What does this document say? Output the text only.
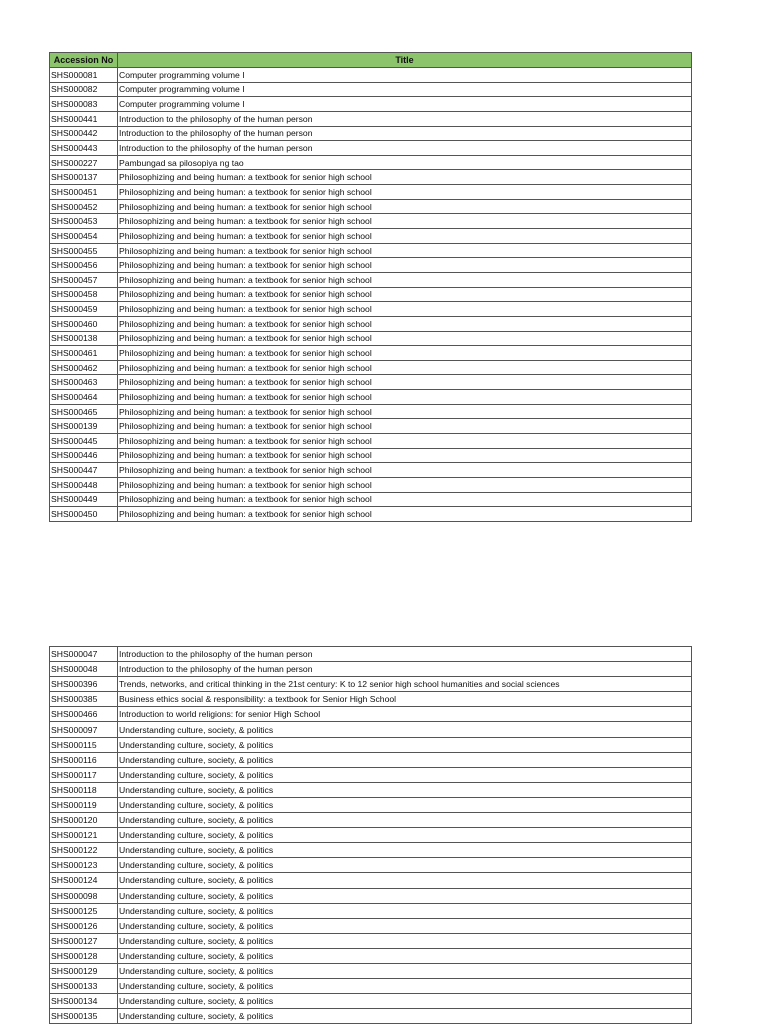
Accession No	Title
SHS000081	Computer programming volume I
SHS000082	Computer programming volume I
SHS000083	Computer programming volume I
SHS000441	Introduction to the philosophy of the human person
SHS000442	Introduction to the philosophy of the human person
SHS000443	Introduction to the philosophy of the human person
SHS000227	Pambungad sa pilosopiya ng tao
SHS000137	Philosophizing and being human: a textbook for senior high school
SHS000451	Philosophizing and being human: a textbook for senior high school
SHS000452	Philosophizing and being human: a textbook for senior high school
SHS000453	Philosophizing and being human: a textbook for senior high school
SHS000454	Philosophizing and being human: a textbook for senior high school
SHS000455	Philosophizing and being human: a textbook for senior high school
SHS000456	Philosophizing and being human: a textbook for senior high school
SHS000457	Philosophizing and being human: a textbook for senior high school
SHS000458	Philosophizing and being human: a textbook for senior high school
SHS000459	Philosophizing and being human: a textbook for senior high school
SHS000460	Philosophizing and being human: a textbook for senior high school
SHS000138	Philosophizing and being human: a textbook for senior high school
SHS000461	Philosophizing and being human: a textbook for senior high school
SHS000462	Philosophizing and being human: a textbook for senior high school
SHS000463	Philosophizing and being human: a textbook for senior high school
SHS000464	Philosophizing and being human: a textbook for senior high school
SHS000465	Philosophizing and being human: a textbook for senior high school
SHS000139	Philosophizing and being human: a textbook for senior high school
SHS000445	Philosophizing and being human: a textbook for senior high school
SHS000446	Philosophizing and being human: a textbook for senior high school
SHS000447	Philosophizing and being human: a textbook for senior high school
SHS000448	Philosophizing and being human: a textbook for senior high school
SHS000449	Philosophizing and being human: a textbook for senior high school
SHS000450	Philosophizing and being human: a textbook for senior high school
SHS000047	Introduction to the philosophy of the human person
SHS000048	Introduction to the philosophy of the human person
SHS000396	Trends, networks, and critical thinking in the 21st century: K to 12 senior high school humanities and social sciences
SHS000385	Business ethics social & responsibility: a textbook for Senior High School
SHS000466	Introduction to world religions: for senior High School
SHS000097	Understanding culture, society, & politics
SHS000115	Understanding culture, society, & politics
SHS000116	Understanding culture, society, & politics
SHS000117	Understanding culture, society, & politics
SHS000118	Understanding culture, society, & politics
SHS000119	Understanding culture, society, & politics
SHS000120	Understanding culture, society, & politics
SHS000121	Understanding culture, society, & politics
SHS000122	Understanding culture, society, & politics
SHS000123	Understanding culture, society, & politics
SHS000124	Understanding culture, society, & politics
SHS000098	Understanding culture, society, & politics
SHS000125	Understanding culture, society, & politics
SHS000126	Understanding culture, society, & politics
SHS000127	Understanding culture, society, & politics
SHS000128	Understanding culture, society, & politics
SHS000129	Understanding culture, society, & politics
SHS000133	Understanding culture, society, & politics
SHS000134	Understanding culture, society, & politics
SHS000135	Understanding culture, society, & politics
